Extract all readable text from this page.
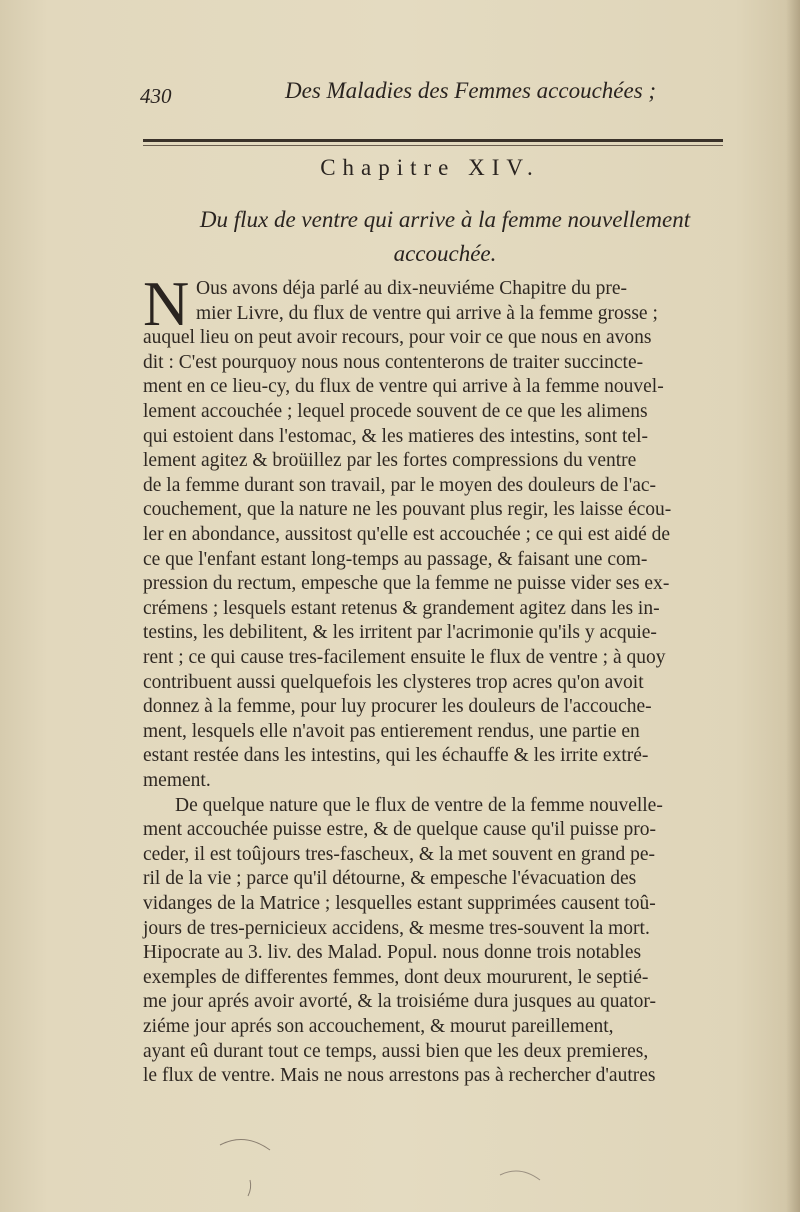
430	Des Maladies des Femmes accouchées ;
Chapitre XIV.
Du flux de ventre qui arrive à la femme nouvellement
accouchée.
N Ous avons déja parlé au dix-neuviéme Chapitre du pre-
mier Livre, du flux de ventre qui arrive à la femme grosse ;
auquel lieu on peut avoir recours, pour voir ce que nous en avons
dit : C'est pourquoy nous nous contenterons de traiter succincte-
ment en ce lieu-cy, du flux de ventre qui arrive à la femme nouvel-
lement accouchée ; lequel procede souvent de ce que les alimens
qui estoient dans l'estomac, & les matieres des intestins, sont tel-
lement agitez & broüillez par les fortes compressions du ventre
de la femme durant son travail, par le moyen des douleurs de l'ac-
couchement, que la nature ne les pouvant plus regir, les laisse écou-
ler en abondance, aussitost qu'elle est accouchée ; ce qui est aidé de
ce que l'enfant estant long-temps au passage, & faisant une com-
pression du rectum, empesche que la femme ne puisse vider ses ex-
crémens ; lesquels estant retenus & grandement agitez dans les in-
testins, les debilitent, & les irritent par l'acrimonie qu'ils y acquie-
rent ; ce qui cause tres-facilement ensuite le flux de ventre ; à quoy
contribuent aussi quelquefois les clysteres trop acres qu'on avoit
donnez à la femme, pour luy procurer les douleurs de l'accouche-
ment, lesquels elle n'avoit pas entierement rendus, une partie en
estant restée dans les intestins, qui les échauffe & les irrite extré-
mement.
De quelque nature que le flux de ventre de la femme nouvelle-
ment accouchée puisse estre, & de quelque cause qu'il puisse pro-
ceder, il est toûjours tres-fascheux, & la met souvent en grand pe-
ril de la vie ; parce qu'il détourne, & empesche l'évacuation des
vidanges de la Matrice ; lesquelles estant supprimées causent toû-
jours de tres-pernicieux accidens, & mesme tres-souvent la mort.
Hipocrate au 3. liv. des Malad. Popul. nous donne trois notables
exemples de differentes femmes, dont deux moururent, le septié-
me jour aprés avoir avorté, & la troisiéme dura jusques au quator-
ziéme jour aprés son accouchement, & mourut pareillement,
ayant eû durant tout ce temps, aussi bien que les deux premieres,
le flux de ventre. Mais ne nous arrestons pas à rechercher d'autres
